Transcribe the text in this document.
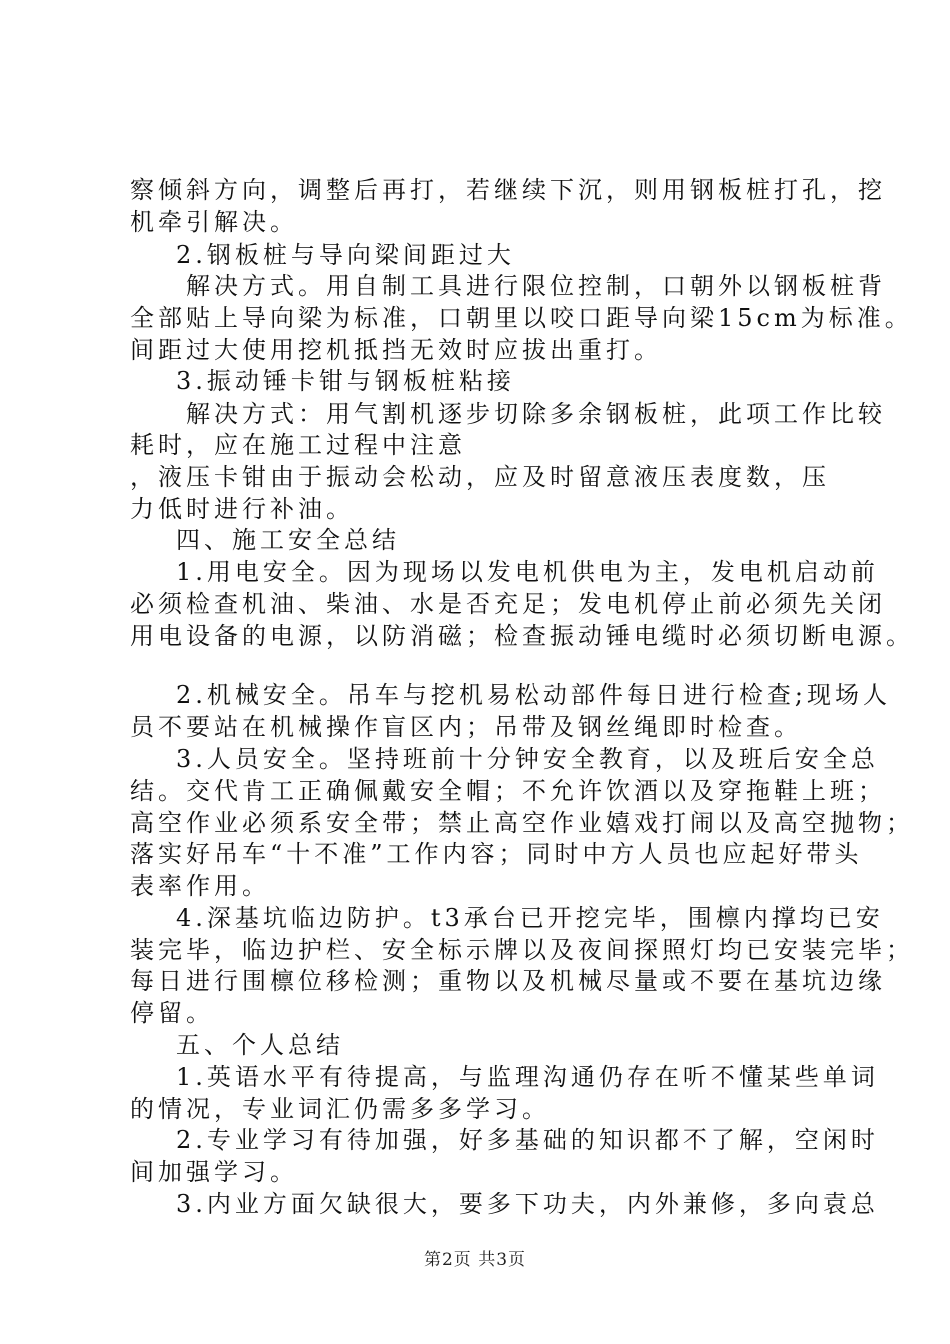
察倾斜方向，调整后再打，若继续下沉，则用钢板桩打孔，挖
机牵引解决。
2.钢板桩与导向梁间距过大
解决方式。用自制工具进行限位控制，口朝外以钢板桩背
全部贴上导向梁为标准，口朝里以咬口距导向梁15cm为标准。
间距过大使用挖机抵挡无效时应拔出重打。
3.振动锤卡钳与钢板桩粘接
解决方式：用气割机逐步切除多余钢板桩，此项工作比较
耗时，应在施工过程中注意
，液压卡钳由于振动会松动，应及时留意液压表度数，压
力低时进行补油。
四、施工安全总结
1.用电安全。因为现场以发电机供电为主，发电机启动前
必须检查机油、柴油、水是否充足；发电机停止前必须先关闭
用电设备的电源，以防消磁；检查振动锤电缆时必须切断电源。
2.机械安全。吊车与挖机易松动部件每日进行检查;现场人
员不要站在机械操作盲区内；吊带及钢丝绳即时检查。
3.人员安全。坚持班前十分钟安全教育，以及班后安全总
结。交代肯工正确佩戴安全帽；不允许饮酒以及穿拖鞋上班；
高空作业必须系安全带；禁止高空作业嬉戏打闹以及高空抛物；
落实好吊车“十不准”工作内容；同时中方人员也应起好带头
表率作用。
4.深基坑临边防护。t3承台已开挖完毕，围檩内撑均已安
装完毕，临边护栏、安全标示牌以及夜间探照灯均已安装完毕；
每日进行围檩位移检测；重物以及机械尽量或不要在基坑边缘
停留。
五、个人总结
1.英语水平有待提高，与监理沟通仍存在听不懂某些单词
的情况，专业词汇仍需多多学习。
2.专业学习有待加强，好多基础的知识都不了解，空闲时
间加强学习。
3.内业方面欠缺很大，要多下功夫，内外兼修，多向袁总
第2页 共3页
